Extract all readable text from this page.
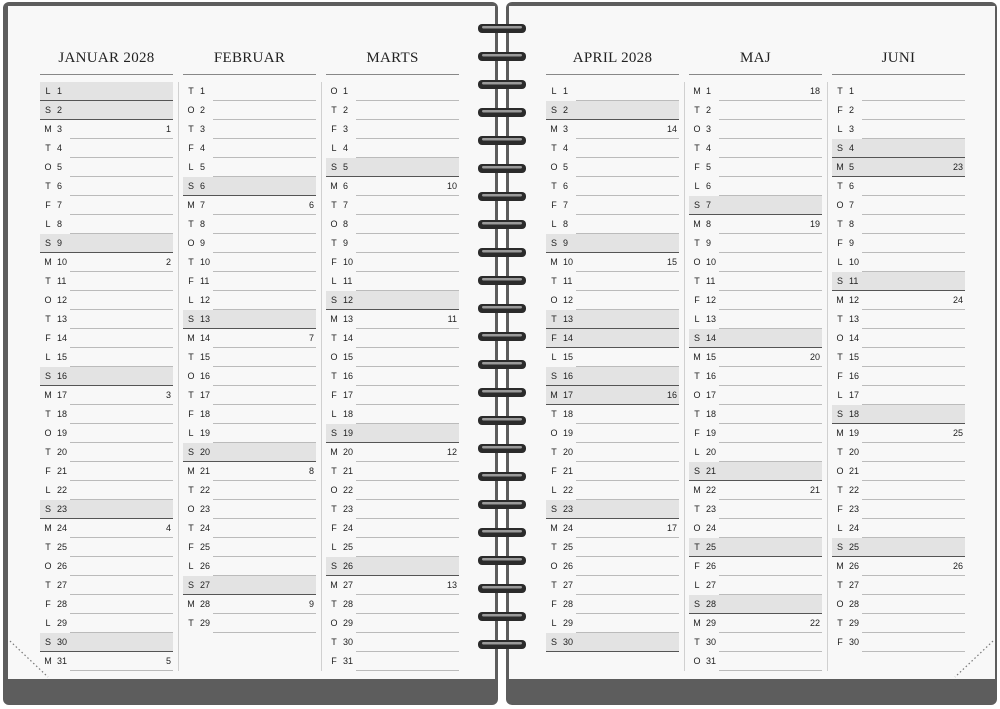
JANUAR 2028
L 1
S 2
M 3	1
T 4
O 5
T 6
F 7
L 8
S 9
M 10	2
T 11
O 12
T 13
F 14
L 15
S 16
M 17	3
T 18
O 19
T 20
F 21
L 22
S 23
M 24	4
T 25
O 26
T 27
F 28
L 29
S 30
M 31	5
FEBRUAR
T 1
O 2
T 3
F 4
L 5
S 6
M 7	6
T 8
O 9
T 10
F 11
L 12
S 13
M 14	7
T 15
O 16
T 17
F 18
L 19
S 20
M 21	8
T 22
O 23
T 24
F 25
L 26
S 27
M 28	9
T 29
MARTS
O 1
T 2
F 3
L 4
S 5
M 6	10
T 7
O 8
T 9
F 10
L 11
S 12
M 13	11
T 14
O 15
T 16
F 17
L 18
S 19
M 20	12
T 21
O 22
T 23
F 24
L 25
S 26
M 27	13
T 28
O 29
T 30
F 31
APRIL 2028
L 1
S 2
M 3	14
T 4
O 5
T 6
F 7
L 8
S 9
M 10	15
T 11
O 12
T 13
F 14
L 15
S 16
M 17	16
T 18
O 19
T 20
F 21
L 22
S 23
M 24	17
T 25
O 26
T 27
F 28
L 29
S 30
MAJ
M 1	18
T 2
O 3
T 4
F 5
L 6
S 7
M 8	19
T 9
O 10
T 11
F 12
L 13
S 14
M 15	20
T 16
O 17
T 18
F 19
L 20
S 21
M 22	21
T 23
O 24
T 25
F 26
L 27
S 28
M 29	22
T 30
O 31
JUNI
T 1
F 2
L 3
S 4
M 5	23
T 6
O 7
T 8
F 9
L 10
S 11
M 12	24
T 13
O 14
T 15
F 16
L 17
S 18
M 19	25
T 20
O 21
T 22
F 23
L 24
S 25
M 26	26
T 27
O 28
T 29
F 30
